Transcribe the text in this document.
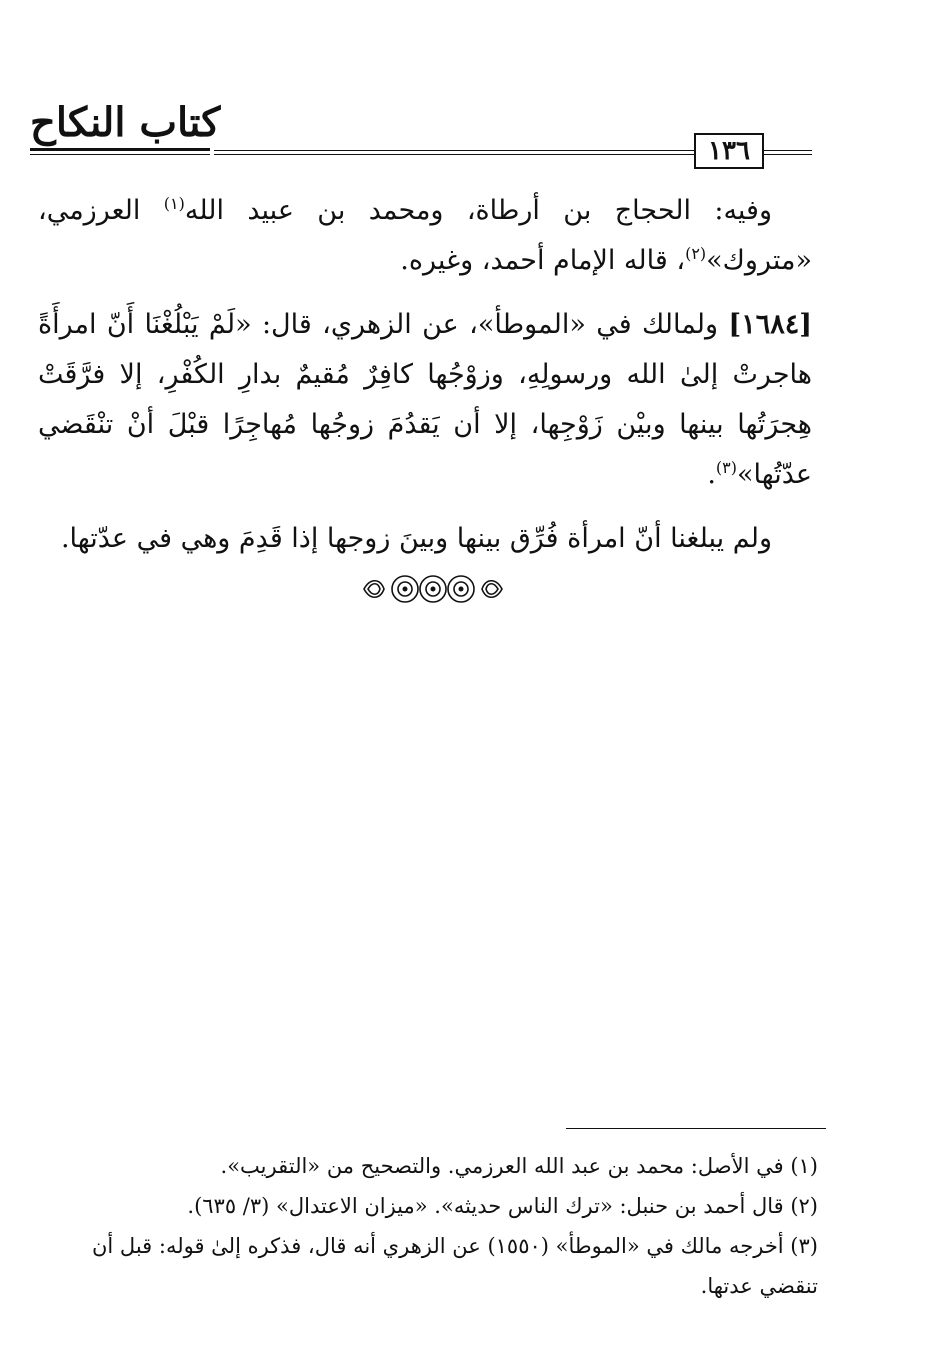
كتاب النكاح
١٣٦

وفيه: الحجاج بن أرطاة، ومحمد بن عبيد الله$^{(١)}$ العرزمي، «متروك»$^{(٢)}$، قاله الإمام أحمد، وغيره.

[١٦٨٤] ولمالك في «الموطأ»، عن الزهري، قال: «لَمْ يَبْلُغْنَا أَنّ امرأَةً هاجرتْ إلىٰ الله ورسولِهِ، وزوْجُها كافِرٌ مُقيمٌ بدارِ الكُفْرِ، إلا فرَّقَتْ هِجرَتُها بينها وبيْن زَوْجِها، إلا أن يَقدُمَ زوجُها مُهاجِرًا قبْلَ أنْ تنْقَضي عدّتُها»$^{(٣)}$.

ولم يبلغنا أنّ امرأة فُرِّق بينها وبينَ زوجها إذا قَدِمَ وهي في عدّتها.

(١) في الأصل: محمد بن عبد الله العرزمي. والتصحيح من «التقريب».

(٢) قال أحمد بن حنبل: «ترك الناس حديثه». «ميزان الاعتدال» (٣/ ٦٣٥).

(٣) أخرجه مالك في «الموطأ» (١٥٥٠) عن الزهري أنه قال، فذكره إلىٰ قوله: قبل أن تنقضي عدتها.
